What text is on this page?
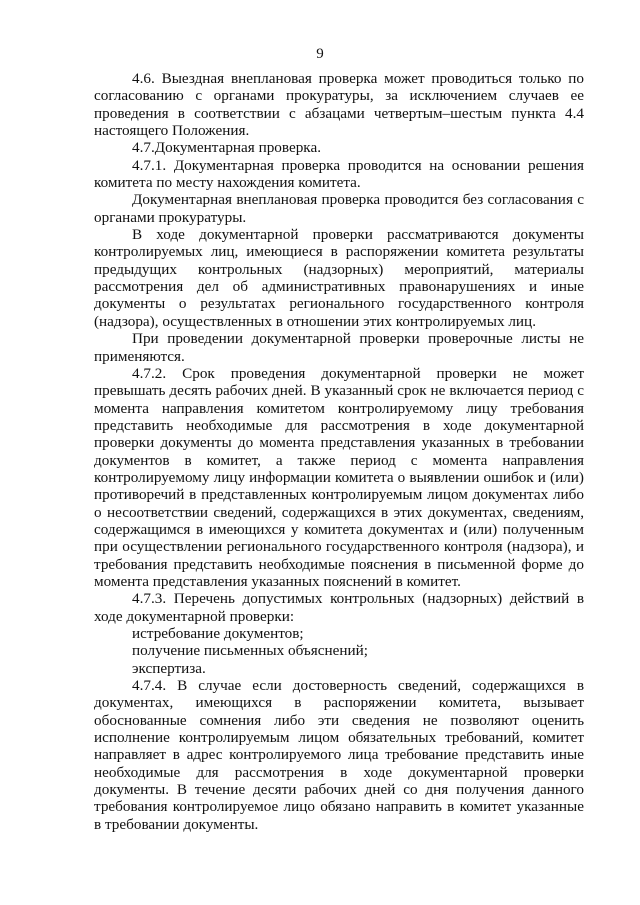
9

4.6. Выездная внеплановая проверка может проводиться только по согласованию с органами прокуратуры, за исключением случаев ее проведения в соответствии с абзацами четвертым–шестым пункта 4.4 настоящего Положения.

4.7.Документарная проверка.

4.7.1. Документарная проверка проводится на основании решения комитета по месту нахождения комитета.

Документарная внеплановая проверка проводится без согласования с органами прокуратуры.

В ходе документарной проверки рассматриваются документы контролируемых лиц, имеющиеся в распоряжении комитета результаты предыдущих контрольных (надзорных) мероприятий, материалы рассмотрения дел об административных правонарушениях и иные документы о результатах регионального государственного контроля (надзора), осуществленных в отношении этих контролируемых лиц.

При проведении документарной проверки проверочные листы не применяются.

4.7.2. Срок проведения документарной проверки не может превышать десять рабочих дней. В указанный срок не включается период с момента направления комитетом контролируемому лицу требования представить необходимые для рассмотрения в ходе документарной проверки документы до момента представления указанных в требовании документов в комитет, а также период с момента направления контролируемому лицу информации комитета о выявлении ошибок и (или) противоречий в представленных контролируемым лицом документах либо о несоответствии сведений, содержащихся в этих документах, сведениям, содержащимся в имеющихся у комитета документах и (или) полученным при осуществлении регионального государственного контроля (надзора), и требования представить необходимые пояснения в письменной форме до момента представления указанных пояснений в комитет.

4.7.3. Перечень допустимых контрольных (надзорных) действий в ходе документарной проверки:

истребование документов;

получение письменных объяснений;

экспертиза.

4.7.4. В случае если достоверность сведений, содержащихся в документах, имеющихся в распоряжении комитета, вызывает обоснованные сомнения либо эти сведения не позволяют оценить исполнение контролируемым лицом обязательных требований, комитет направляет в адрес контролируемого лица требование представить иные необходимые для рассмотрения в ходе документарной проверки документы. В течение десяти рабочих дней со дня получения данного требования контролируемое лицо обязано направить в комитет указанные в требовании документы.
